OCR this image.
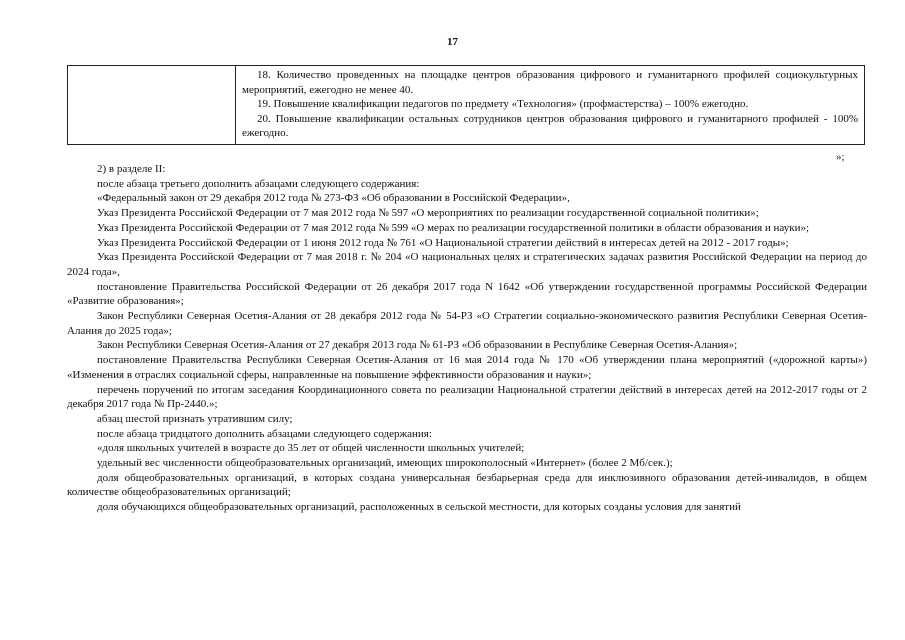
17

18. Количество проведенных на площадке центров образования цифрового и гуманитарного профилей социокультурных мероприятий, ежегодно не менее 40.

19. Повышение квалификации педагогов по предмету «Технология» (профмастерства) – 100% ежегодно.

20. Повышение квалификации остальных сотрудников центров образования цифрового и гуманитарного профилей - 100% ежегодно.

»;

2) в разделе II:

после абзаца третьего дополнить абзацами следующего содержания:

«Федеральный закон от 29 декабря 2012 года № 273-ФЗ «Об образовании в Российской Федерации»,

Указ Президента Российской Федерации от 7 мая 2012 года № 597 «О мероприятиях по реализации государственной социальной политики»;

Указ Президента Российской Федерации от 7 мая 2012 года № 599 «О мерах по реализации государственной политики в области образования и науки»;

Указ Президента Российской Федерации от 1 июня 2012 года № 761 «О Национальной стратегии действий в интересах детей на 2012 - 2017 годы»;

Указ Президента Российской Федерации от 7 мая 2018 г. № 204 «О национальных целях и стратегических задачах развития Российской Федерации на период до 2024 года»,

постановление Правительства Российской Федерации от 26 декабря 2017 года N 1642 «Об утверждении государственной программы Российской Федерации «Развитие образования»;

Закон Республики Северная Осетия-Алания от 28 декабря 2012 года № 54-РЗ «О Стратегии социально-экономического развития Республики Северная Осетия-Алания до 2025 года»;

Закон Республики Северная Осетия-Алания от 27 декабря 2013 года № 61-РЗ «Об образовании в Республике Северная Осетия-Алания»;

постановление Правительства Республики Северная Осетия-Алания от 16 мая 2014 года № 170 «Об утверждении плана мероприятий («дорожной карты») «Изменения в отраслях социальной сферы, направленные на повышение эффективности образования и науки»;

перечень поручений по итогам заседания Координационного совета по реализации Национальной стратегии действий в интересах детей на 2012-2017 годы от 2 декабря 2017 года № Пр-2440.»;

абзац шестой признать утратившим силу;

после абзаца тридцатого дополнить абзацами следующего содержания:

«доля школьных учителей в возрасте до 35 лет от общей численности школьных учителей;

удельный вес численности общеобразовательных организаций, имеющих широкополосный «Интернет» (более 2 Мб/сек.);

доля общеобразовательных организаций, в которых создана универсальная безбарьерная среда для инклюзивного образования детей-инвалидов, в общем количестве общеобразовательных организаций;

доля обучающихся общеобразовательных организаций, расположенных в сельской местности, для которых созданы условия для занятий
